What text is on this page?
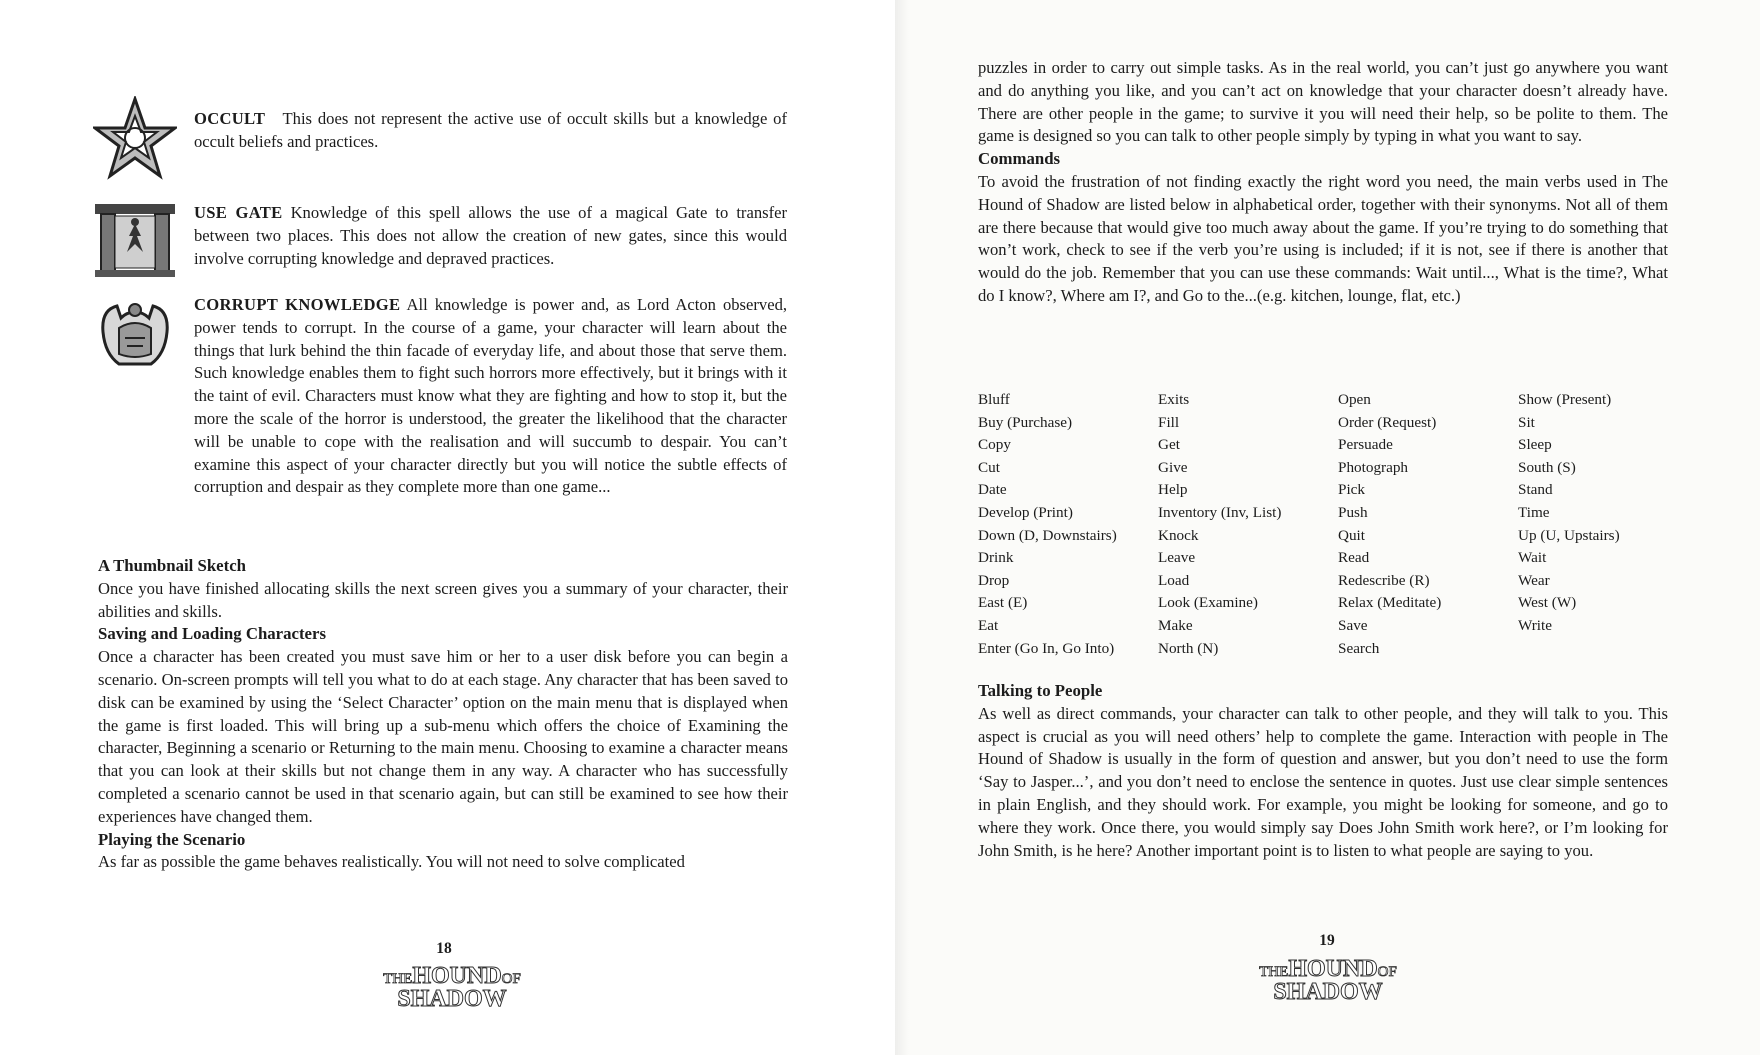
OCCULT This does not represent the active use of occult skills but a knowledge of occult beliefs and practices.

USE GATE Knowledge of this spell allows the use of a magical Gate to transfer between two places. This does not allow the creation of new gates, since this would involve corrupting knowledge and depraved practices.

CORRUPT KNOWLEDGE All knowledge is power and, as Lord Acton observed, power tends to corrupt. In the course of a game, your character will learn about the things that lurk behind the thin facade of everyday life, and about those that serve them. Such knowledge enables them to fight such horrors more effectively, but it brings with it the taint of evil. Characters must know what they are fighting and how to stop it, but the more the scale of the horror is understood, the greater the likelihood that the character will be unable to cope with the realisation and will succumb to despair. You can’t examine this aspect of your character directly but you will notice the subtle effects of corruption and despair as they complete more than one game...

A Thumbnail Sketch

Once you have finished allocating skills the next screen gives you a summary of your character, their abilities and skills.

Saving and Loading Characters

Once a character has been created you must save him or her to a user disk before you can begin a scenario. On-screen prompts will tell you what to do at each stage. Any character that has been saved to disk can be examined by using the ‘Select Character’ option on the main menu that is displayed when the game is first loaded. This will bring up a sub-menu which offers the choice of Examining the character, Beginning a scenario or Returning to the main menu. Choosing to examine a character means that you can look at their skills but not change them in any way. A character who has successfully completed a scenario cannot be used in that scenario again, but can still be examined to see how their experiences have changed them.

Playing the Scenario

As far as possible the game behaves realistically. You will not need to solve complicated

18
THEHOUNDOF
SHADOW

puzzles in order to carry out simple tasks. As in the real world, you can’t just go anywhere you want and do anything you like, and you can’t act on knowledge that your character doesn’t already have. There are other people in the game; to survive it you will need their help, so be polite to them. The game is designed so you can talk to other people simply by typing in what you want to say.

Commands

To avoid the frustration of not finding exactly the right word you need, the main verbs used in The Hound of Shadow are listed below in alphabetical order, together with their synonyms. Not all of them are there because that would give too much away about the game. If you’re trying to do something that won’t work, check to see if the verb you’re using is included; if it is not, see if there is another that would do the job. Remember that you can use these commands: Wait until..., What is the time?, What do I know?, Where am I?, and Go to the...(e.g. kitchen, lounge, flat, etc.)

Bluff	Exits	Open	Show (Present)
Buy (Purchase)	Fill	Order (Request)	Sit
Copy	Get	Persuade	Sleep
Cut	Give	Photograph	South (S)
Date	Help	Pick	Stand
Develop (Print)	Inventory (Inv, List)	Push	Time
Down (D, Downstairs)	Knock	Quit	Up (U, Upstairs)
Drink	Leave	Read	Wait
Drop	Load	Redescribe (R)	Wear
East (E)	Look (Examine)	Relax (Meditate)	West (W)
Eat	Make	Save	Write
Enter (Go In, Go Into)	North (N)	Search
Talking to People

As well as direct commands, your character can talk to other people, and they will talk to you. This aspect is crucial as you will need others’ help to complete the game. Interaction with people in The Hound of Shadow is usually in the form of question and answer, but you don’t need to use the form ‘Say to Jasper...’, and you don’t need to enclose the sentence in quotes. Just use clear simple sentences in plain English, and they should work. For example, you might be looking for someone, and go to where they work. Once there, you would simply say Does John Smith work here?, or I’m looking for John Smith, is he here? Another important point is to listen to what people are saying to you.

19
THEHOUNDOF
SHADOW
